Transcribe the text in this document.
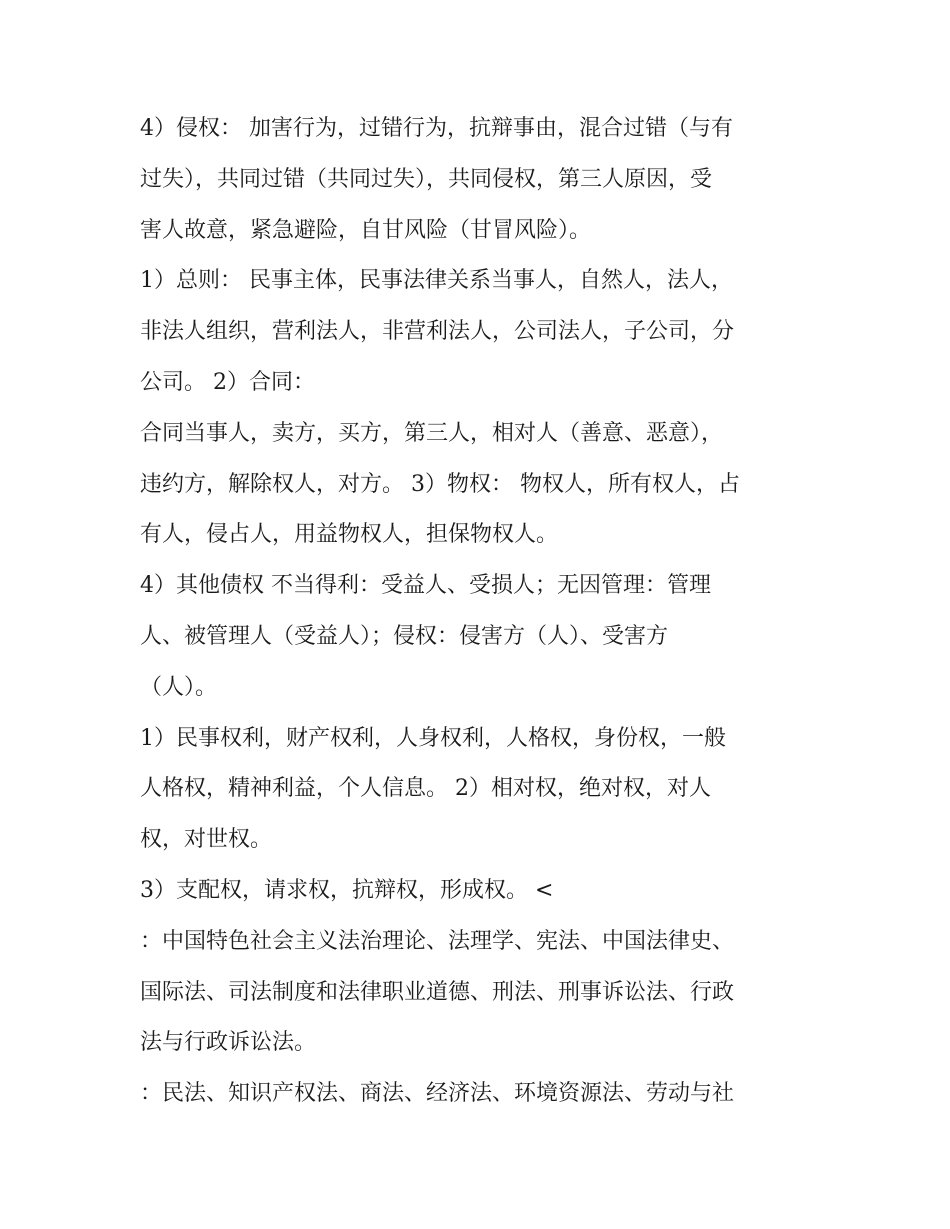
4）侵权： 加害行为，过错行为，抗辩事由，混合过错（与有
过失），共同过错（共同过失），共同侵权，第三人原因，受
害人故意，紧急避险，自甘风险（甘冒风险）。
1）总则： 民事主体，民事法律关系当事人，自然人，法人，
非法人组织，营利法人，非营利法人，公司法人，子公司，分
公司。 2）合同：
合同当事人，卖方，买方，第三人，相对人（善意、恶意），
违约方，解除权人，对方。 3）物权： 物权人，所有权人，占
有人，侵占人，用益物权人，担保物权人。
4）其他债权 不当得利：受益人、受损人；无因管理：管理
人、被管理人（受益人）；侵权：侵害方（人）、受害方
（人）。
1）民事权利，财产权利，人身权利，人格权，身份权，一般
人格权，精神利益，个人信息。 2）相对权，绝对权，对人
权，对世权。
3）支配权，请求权，抗辩权，形成权。 <
：中国特色社会主义法治理论、法理学、宪法、中国法律史、
国际法、司法制度和法律职业道德、刑法、刑事诉讼法、行政
法与行政诉讼法。
：民法、知识产权法、商法、经济法、环境资源法、劳动与社
